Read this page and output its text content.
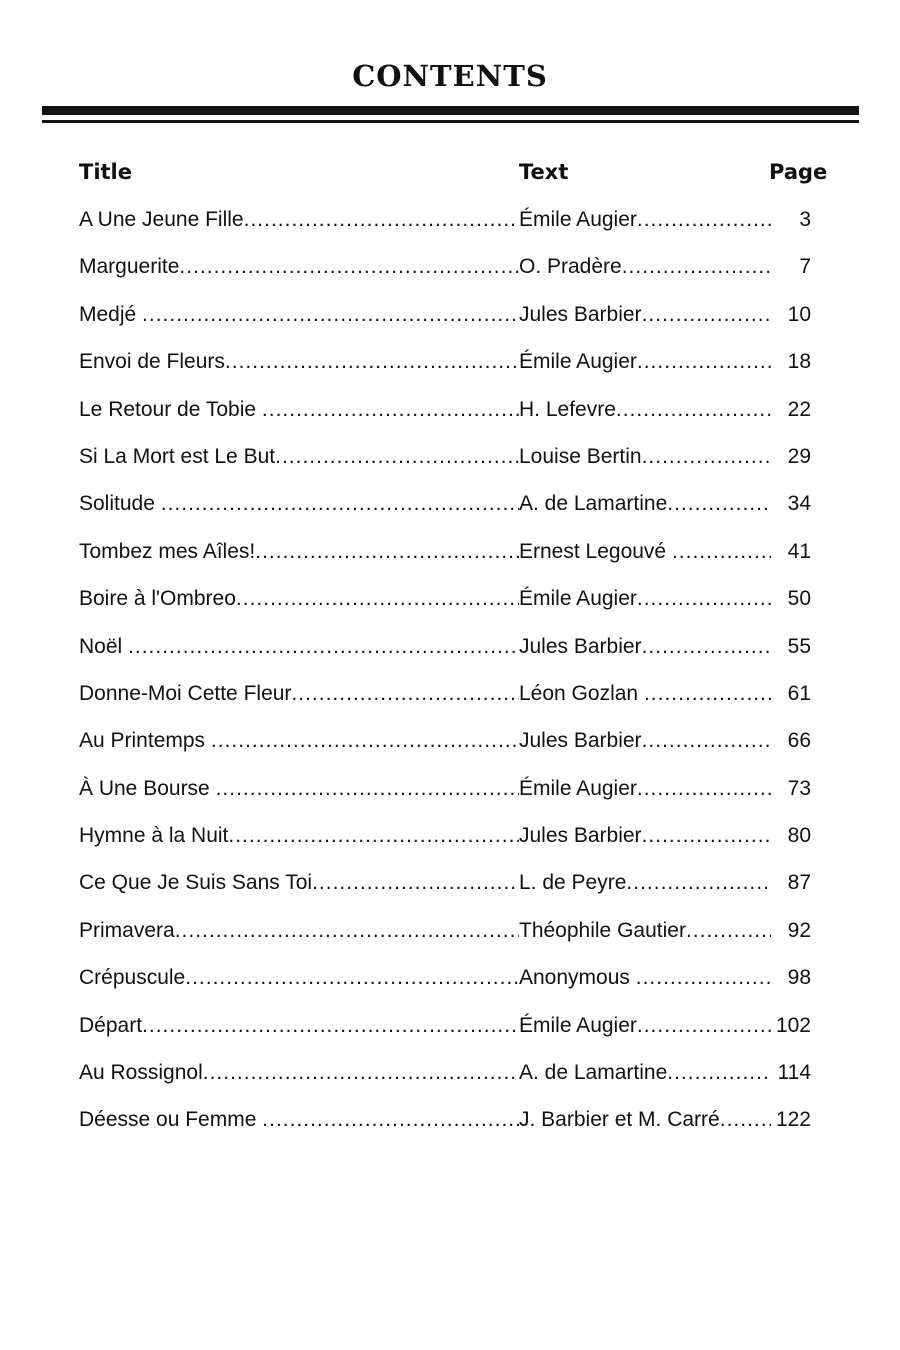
CONTENTS
Title	Text	Page
A Une Jeune Fille .....	Émile Augier .....	3
Marguerite .....	O. Pradère .....	7
Medjé .....	Jules Barbier .....	10
Envoi de Fleurs .....	Émile Augier .....	18
Le Retour de Tobie .....	H. Lefevre .....	22
Si La Mort est Le But .....	Louise Bertin .....	29
Solitude .....	A. de Lamartine .....	34
Tombez mes Aîles! .....	Ernest Legouvé .....	41
Boire à l'Ombreo .....	Émile Augier .....	50
Noël .....	Jules Barbier .....	55
Donne-Moi Cette Fleur .....	Léon Gozlan .....	61
Au Printemps .....	Jules Barbier .....	66
À Une Bourse .....	Émile Augier .....	73
Hymne à la Nuit .....	Jules Barbier .....	80
Ce Que Je Suis Sans Toi .....	L. de Peyre .....	87
Primavera .....	Théophile Gautier .....	92
Crépuscule .....	Anonymous .....	98
Départ .....	Émile Augier .....	102
Au Rossignol .....	A. de Lamartine .....	114
Déesse ou Femme .....	J. Barbier et M. Carré .....	122
